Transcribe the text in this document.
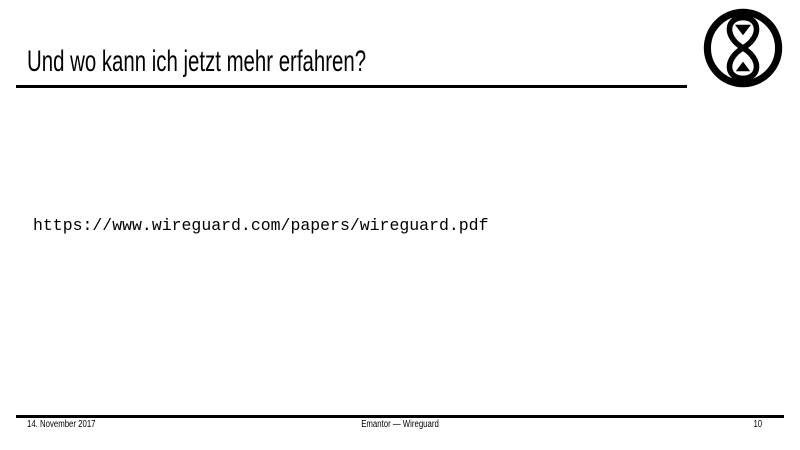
Und wo kann ich jetzt mehr erfahren?
https://www.wireguard.com/papers/wireguard.pdf
14. November 2017	Emantor — Wireguard	10
